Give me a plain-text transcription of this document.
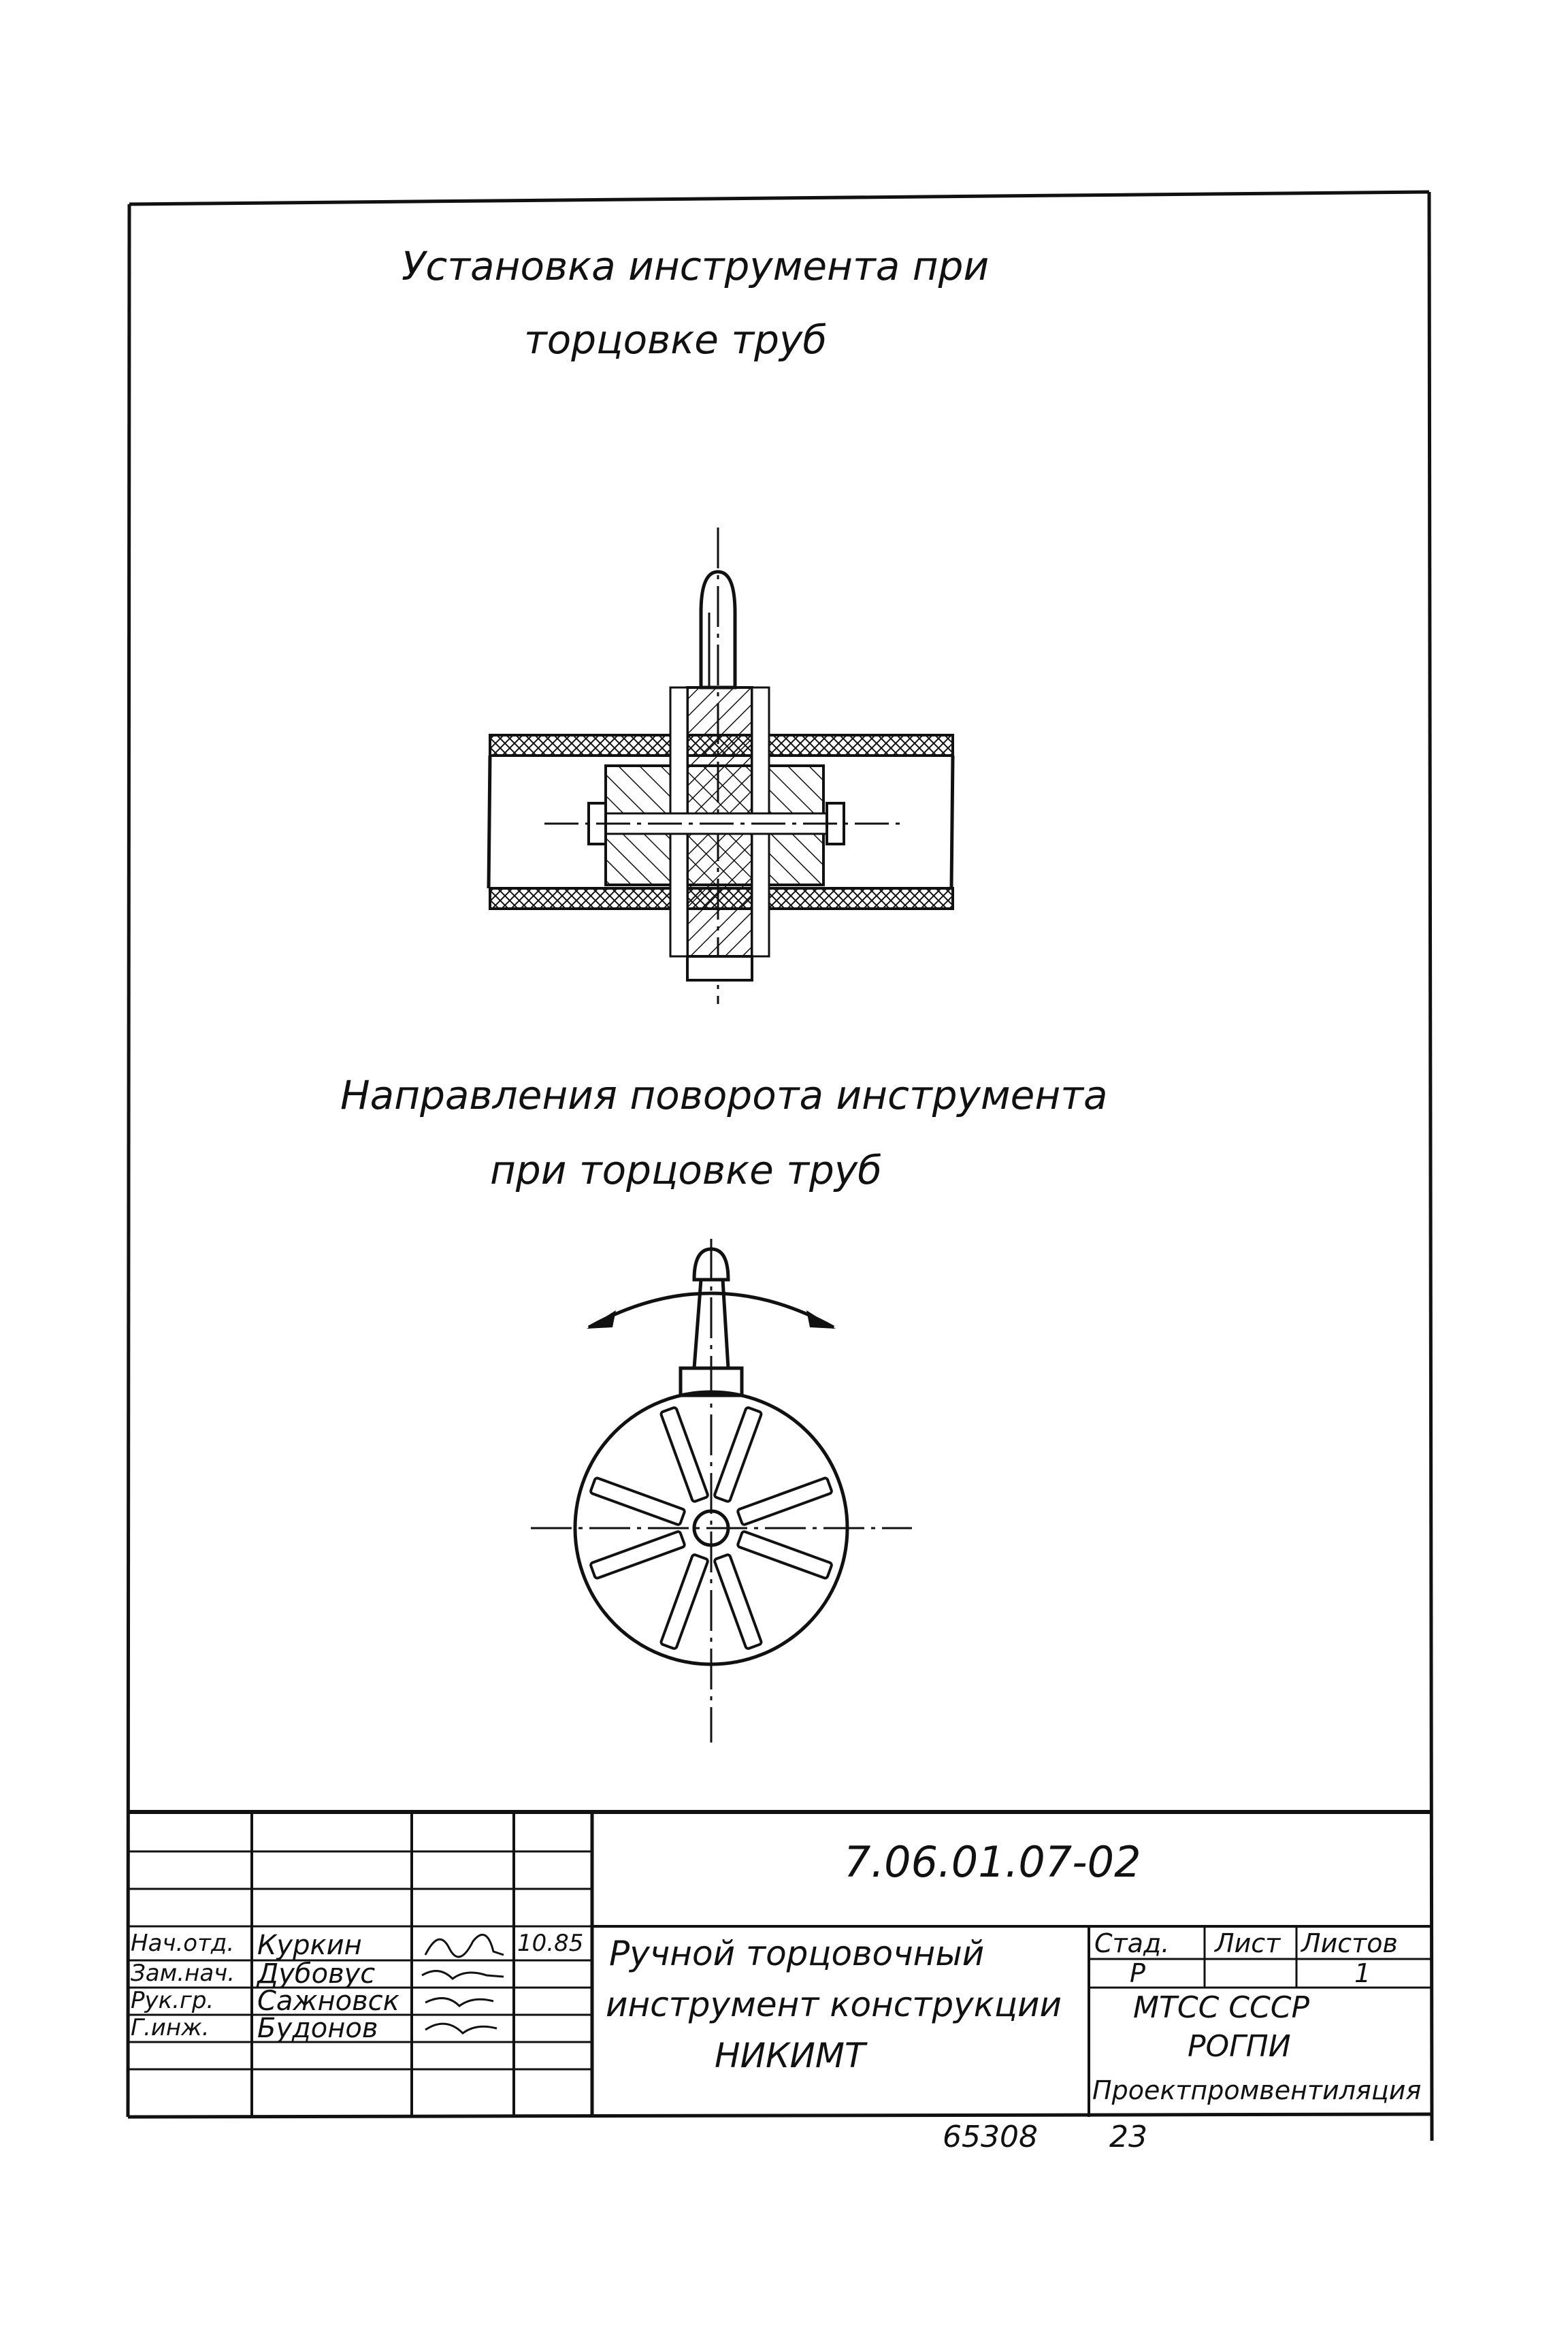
Установка инструмента при
торцовке труб
Направления поворота инструмента
при торцовке труб
7.06.01.07-02
Нач.отд.
Зам.нач.
Рук.гр.
Г.инж.
Куркин
Дубовус
Сажновск
Будонов
10.85 Ручной торцовочный
инструмент конструкции
НИКИМТ
Стад. Лист Листов
Р	1
МТСС СССР
РОГПИ
Проектпромвентиляция
65308 23
